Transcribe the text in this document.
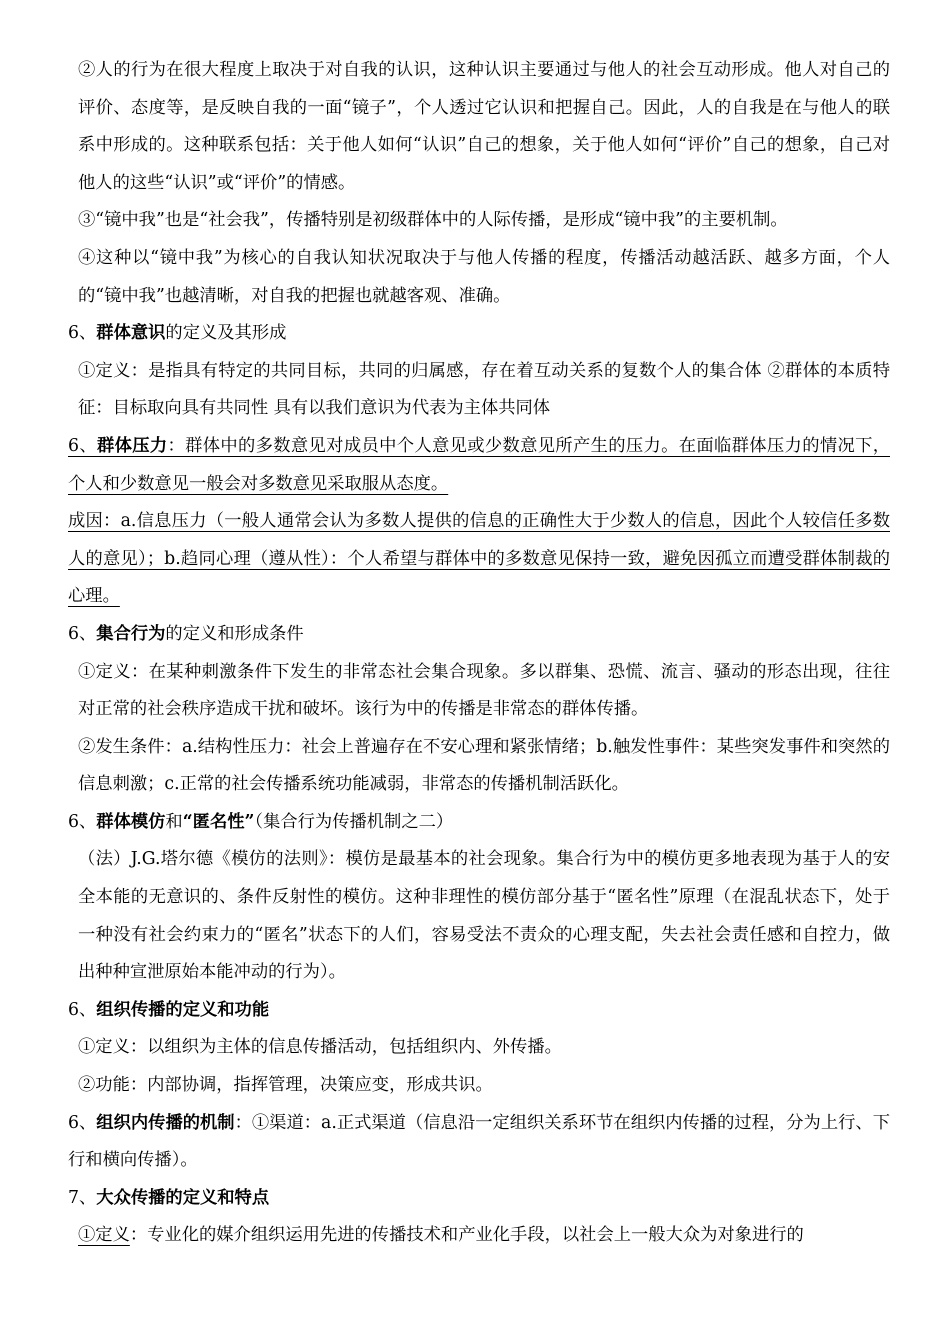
②人的行为在很大程度上取决于对自我的认识，这种认识主要通过与他人的社会互动形成。他人对自己的评价、态度等，是反映自我的一面“镜子”，个人透过它认识和把握自己。因此，人的自我是在与他人的联系中形成的。这种联系包括：关于他人如何“认识”自己的想象，关于他人如何“评价”自己的想象，自己对他人的这些“认识”或“评价”的情感。

③“镜中我”也是“社会我”，传播特别是初级群体中的人际传播，是形成“镜中我”的主要机制。

④这种以“镜中我”为核心的自我认知状况取决于与他人传播的程度，传播活动越活跃、越多方面，个人的“镜中我”也越清晰，对自我的把握也就越客观、准确。

6、群体意识的定义及其形成

①定义：是指具有特定的共同目标，共同的归属感，存在着互动关系的复数个人的集合体 ②群体的本质特征：目标取向具有共同性 具有以我们意识为代表为主体共同体

6、群体压力：群体中的多数意见对成员中个人意见或少数意见所产生的压力。在面临群体压力的情况下，个人和少数意见一般会对多数意见采取服从态度。

成因：a.信息压力（一般人通常会认为多数人提供的信息的正确性大于少数人的信息，因此个人较信任多数人的意见）；b.趋同心理（遵从性）：个人希望与群体中的多数意见保持一致，避免因孤立而遭受群体制裁的心理。

6、集合行为的定义和形成条件

①定义：在某种刺激条件下发生的非常态社会集合现象。多以群集、恐慌、流言、骚动的形态出现，往往对正常的社会秩序造成干扰和破坏。该行为中的传播是非常态的群体传播。

②发生条件：a.结构性压力：社会上普遍存在不安心理和紧张情绪；b.触发性事件：某些突发事件和突然的信息刺激；c.正常的社会传播系统功能减弱，非常态的传播机制活跃化。

6、群体模仿和“匿名性”（集合行为传播机制之二）

（法）J.G.塔尔德《模仿的法则》：模仿是最基本的社会现象。集合行为中的模仿更多地表现为基于人的安全本能的无意识的、条件反射性的模仿。这种非理性的模仿部分基于“匿名性”原理（在混乱状态下，处于一种没有社会约束力的“匿名”状态下的人们，容易受法不责众的心理支配，失去社会责任感和自控力，做出种种宣泄原始本能冲动的行为）。

6、组织传播的定义和功能

①定义：以组织为主体的信息传播活动，包括组织内、外传播。

②功能：内部协调，指挥管理，决策应变，形成共识。

6、组织内传播的机制：①渠道：a.正式渠道（信息沿一定组织关系环节在组织内传播的过程，分为上行、下行和横向传播）。

7、大众传播的定义和特点

①定义：专业化的媒介组织运用先进的传播技术和产业化手段，以社会上一般大众为对象进行的
